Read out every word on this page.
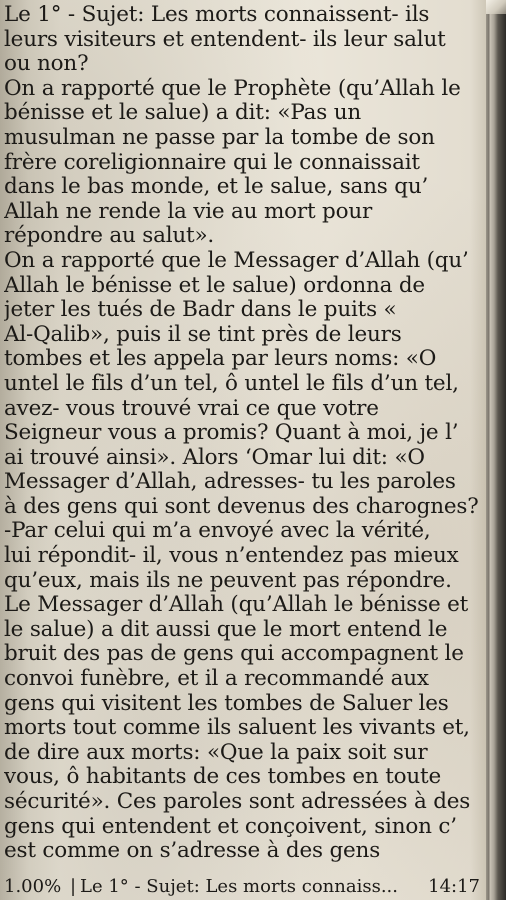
Le 1° - Sujet: Les morts connaissent- ils
leurs visiteurs et entendent- ils leur salut
ou non?
On a rapporté que le Prophète (qu’Allah le
bénisse et le salue) a dit: «Pas un
musulman ne passe par la tombe de son
frère coreligionnaire qui le connaissait
dans le bas monde, et le salue, sans qu’
Allah ne rende la vie au mort pour
répondre au salut».
On a rapporté que le Messager d’Allah (qu’
Allah le bénisse et le salue) ordonna de
jeter les tués de Badr dans le puits «
Al-Qalib», puis il se tint près de leurs
tombes et les appela par leurs noms: «O
untel le fils d’un tel, ô untel le fils d’un tel,
avez- vous trouvé vrai ce que votre
Seigneur vous a promis? Quant à moi, je l’
ai trouvé ainsi». Alors ‘Omar lui dit: «O
Messager d’Allah, adresses- tu les paroles
à des gens qui sont devenus des charognes?
-Par celui qui m’a envoyé avec la vérité,
lui répondit- il, vous n’entendez pas mieux
qu’eux, mais ils ne peuvent pas répondre.
Le Messager d’Allah (qu’Allah le bénisse et
le salue) a dit aussi que le mort entend le
bruit des pas de gens qui accompagnent le
convoi funèbre, et il a recommandé aux
gens qui visitent les tombes de Saluer les
morts tout comme ils saluent les vivants et,
de dire aux morts: «Que la paix soit sur
vous, ô habitants de ces tombes en toute
sécurité». Ces paroles sont adressées à des
gens qui entendent et conçoivent, sinon c’
est comme on s’adresse à des gens
1.00% | Le 1° - Sujet: Les morts connaiss...	14:17
